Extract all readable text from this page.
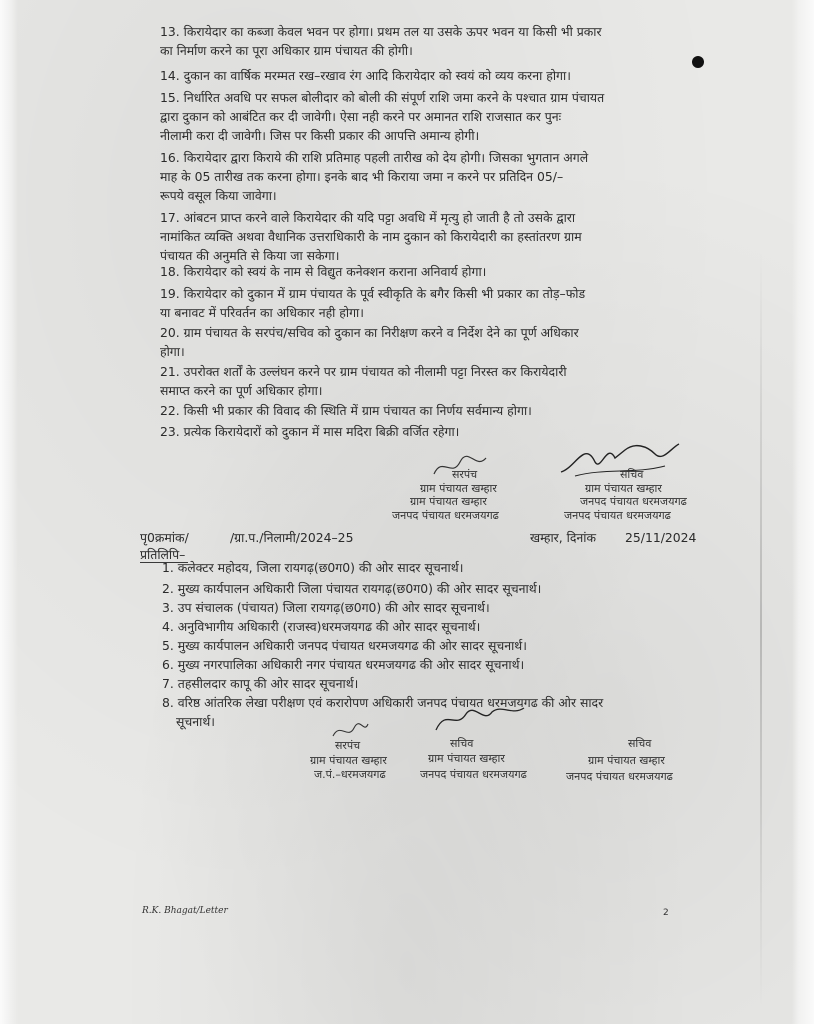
13. किरायेदार का कब्जा केवल भवन पर होगा। प्रथम तल या उसके ऊपर भवन या किसी भी प्रकार
का निर्माण करने का पूरा अधिकार ग्राम पंचायत की होगी।
14. दुकान का वार्षिक मरम्मत रख–रखाव रंग आदि किरायेदार को स्वयं को व्यय करना होगा।
15. निर्धारित अवधि पर सफल बोलीदार को बोली की संपूर्ण राशि जमा करने के पश्चात ग्राम पंचायत
द्वारा दुकान को आबंटित कर दी जावेगी। ऐसा नही करने पर अमानत राशि राजसात कर पुनः
नीलामी करा दी जावेगी। जिस पर किसी प्रकार की आपत्ति अमान्य होगी।
16. किरायेदार द्वारा किराये की राशि प्रतिमाह पहली तारीख को देय होगी। जिसका भुगतान अगले
माह के 05 तारीख तक करना होगा। इनके बाद भी किराया जमा न करने पर प्रतिदिन 05/–
रूपये वसूल किया जावेगा।
17. आंबटन प्राप्त करने वाले किरायेदार की यदि पट्टा अवधि में मृत्यु हो जाती है तो उसके द्वारा
नामांकित व्यक्ति अथवा वैधानिक उत्तराधिकारी के नाम दुकान को किरायेदारी का हस्तांतरण ग्राम
पंचायत की अनुमति से किया जा सकेगा।
18. किरायेदार को स्वयं के नाम से विद्युत कनेक्शन कराना अनिवार्य होगा।
19. किरायेदार को दुकान में ग्राम पंचायत के पूर्व स्वीकृति के बगैर किसी भी प्रकार का तोड़–फोड
या बनावट में परिवर्तन का अधिकार नही होगा।
20. ग्राम पंचायत के सरपंच/सचिव को दुकान का निरीक्षण करने व निर्देश देने का पूर्ण अधिकार
होगा।
21. उपरोक्त शर्तों के उल्लंघन करने पर ग्राम पंचायत को नीलामी पट्टा निरस्त कर किरायेदारी
समाप्त करने का पूर्ण अधिकार होगा।
22. किसी भी प्रकार की विवाद की स्थिति में ग्राम पंचायत का निर्णय सर्वमान्य होगा।
23. प्रत्येक किरायेदारों को दुकान में मास मदिरा बिक्री वर्जित रहेगा।
सरपंच
ग्राम पंचायत खम्हार
ग्राम पंचायत खम्हार
जनपद पंचायत धरमजयगढ
सचिव
ग्राम पंचायत खम्हार
जनपद पंचायत धरमजयगढ
जनपद पंचायत धरमजयगढ
पृ0क्रमांक/	/ग्रा.प./निलामी/2024–25	खम्हार, दिनांक 25/11/2024
प्रतिलिपि–
1. कलेक्टर महोदय, जिला रायगढ़(छ0ग0) की ओर सादर सूचनार्थ।
2. मुख्य कार्यपालन अधिकारी जिला पंचायत रायगढ़(छ0ग0) की ओर सादर सूचनार्थ।
3. उप संचालक (पंचायत) जिला रायगढ़(छ0ग0) की ओर सादर सूचनार्थ।
4. अनुविभागीय अधिकारी (राजस्व)धरमजयगढ की ओर सादर सूचनार्थ।
5. मुख्य कार्यपालन अधिकारी जनपद पंचायत धरमजयगढ की ओर सादर सूचनार्थ।
6. मुख्य नगरपालिका अधिकारी नगर पंचायत धरमजयगढ की ओर सादर सूचनार्थ।
7. तहसीलदार कापू की ओर सादर सूचनार्थ।
8. वरिष्ठ आंतरिक लेखा परीक्षण एवं करारोपण अधिकारी जनपद पंचायत धरमजयगढ की ओर सादर
सूचनार्थ।
सरपंच
ग्राम पंचायत खम्हार
ज.पं.–धरमजयगढ
सचिव
ग्राम पंचायत खम्हार
जनपद पंचायत धरमजयगढ
सचिव
ग्राम पंचायत खम्हार
जनपद पंचायत धरमजयगढ
R.K. Bhagat/Letter	2
